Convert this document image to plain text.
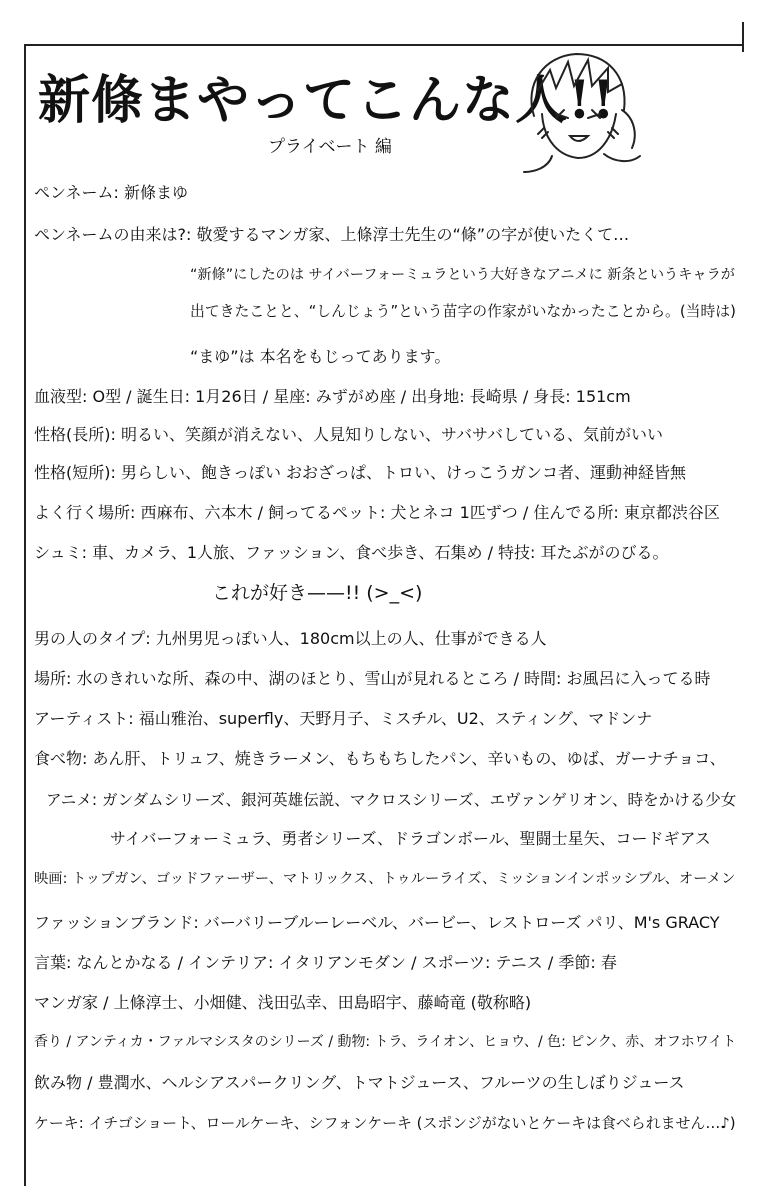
新條まやってこんな人!!
プライベート 編
ペンネーム: 新條まゆ
ペンネームの由来は?: 敬愛するマンガ家、上條淳士先生の“條”の字が使いたくて…
“新條”にしたのは サイバーフォーミュラという大好きなアニメに 新条というキャラが
出てきたことと、“しんじょう”という苗字の作家がいなかったことから。(当時は)
“まゆ”は 本名をもじってあります。
血液型: O型 / 誕生日: 1月26日 / 星座: みずがめ座 / 出身地: 長崎県 / 身長: 151cm
性格(長所): 明るい、笑顔が消えない、人見知りしない、サバサバしている、気前がいい
性格(短所): 男らしい、飽きっぽい おおざっぱ、トロい、けっこうガンコ者、運動神経皆無
よく行く場所: 西麻布、六本木 / 飼ってるペット: 犬とネコ 1匹ずつ / 住んでる所: 東京都渋谷区
シュミ: 車、カメラ、1人旅、ファッション、食べ歩き、石集め / 特技: 耳たぶがのびる。
これが好き——!! (>_<)
男の人のタイプ: 九州男児っぽい人、180cm以上の人、仕事ができる人
場所: 水のきれいな所、森の中、湖のほとり、雪山が見れるところ / 時間: お風呂に入ってる時
アーティスト: 福山雅治、superfly、天野月子、ミスチル、U2、スティング、マドンナ
食べ物: あん肝、トリュフ、焼きラーメン、もちもちしたパン、辛いもの、ゆば、ガーナチョコ、
アニメ: ガンダムシリーズ、銀河英雄伝説、マクロスシリーズ、エヴァンゲリオン、時をかける少女
サイバーフォーミュラ、勇者シリーズ、ドラゴンボール、聖闘士星矢、コードギアス
映画: トップガン、ゴッドファーザー、マトリックス、トゥルーライズ、ミッションインポッシブル、オーメン
ファッションブランド: バーバリーブルーレーベル、バービー、レストローズ パリ、M's GRACY
言葉: なんとかなる / インテリア: イタリアンモダン / スポーツ: テニス / 季節: 春
マンガ家 / 上條淳士、小畑健、浅田弘幸、田島昭宇、藤崎竜 (敬称略)
香り / アンティカ・ファルマシスタのシリーズ / 動物: トラ、ライオン、ヒョウ、/ 色: ピンク、赤、オフホワイト
飲み物 / 豊潤水、ヘルシアスパークリング、トマトジュース、フルーツの生しぼりジュース
ケーキ: イチゴショート、ロールケーキ、シフォンケーキ (スポンジがないとケーキは食べられません…♪)
